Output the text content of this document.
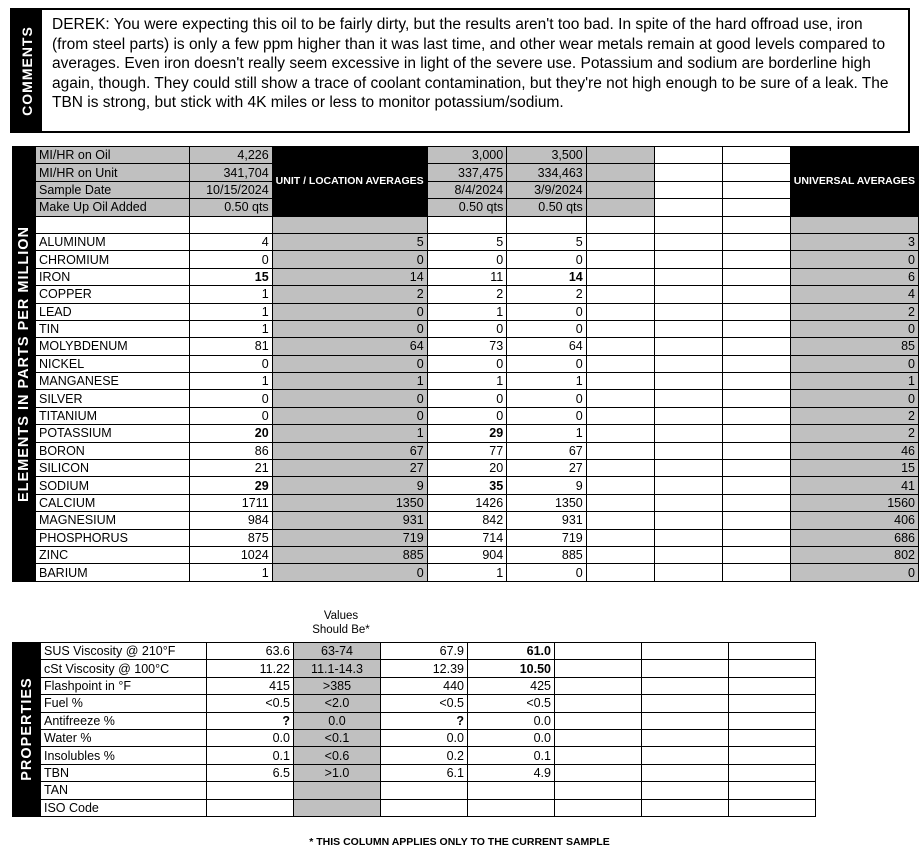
COMMENTS
DEREK: You were expecting this oil to be fairly dirty, but the results aren't too bad. In spite of the hard offroad use, iron (from steel parts) is only a few ppm higher than it was last time, and other wear metals remain at good levels compared to averages. Even iron doesn't really seem excessive in light of the severe use. Potassium and sodium are borderline high again, though. They could still show a trace of coolant contamination, but they're not high enough to be sure of a leak. The TBN is strong, but stick with 4K miles or less to monitor potassium/sodium.
ELEMENTS IN PARTS PER MILLION	MI/HR on Oil	4,226	UNIT / LOCATION AVERAGES	3,000	3,500				UNIVERSAL AVERAGES
	MI/HR on Unit	341,704		337,475	334,463				
	Sample Date	10/15/2024		8/4/2024	3/9/2024				
	Make Up Oil Added	0.50 qts		0.50 qts	0.50 qts				

	ALUMINUM	4	5	5	5				3
	CHROMIUM	0	0	0	0				0
	IRON	15	14	11	14				6
	COPPER	1	2	2	2				4
	LEAD	1	0	1	0				2
	TIN	1	0	0	0				0
	MOLYBDENUM	81	64	73	64				85
	NICKEL	0	0	0	0				0
	MANGANESE	1	1	1	1				1
	SILVER	0	0	0	0				0
	TITANIUM	0	0	0	0				2
	POTASSIUM	20	1	29	1				2
	BORON	86	67	77	67				46
	SILICON	21	27	20	27				15
	SODIUM	29	9	35	9				41
	CALCIUM	1711	1350	1426	1350				1560
	MAGNESIUM	984	931	842	931				406
	PHOSPHORUS	875	719	714	719				686
	ZINC	1024	885	904	885				802
	BARIUM	1	0	1	0				0
Values Should Be*
PROPERTIES	SUS Viscosity @ 210°F	63.6	63-74	67.9	61.0			
	cSt Viscosity @ 100°C	11.22	11.1-14.3	12.39	10.50			
	Flashpoint in °F	415	>385	440	425			
	Fuel %	<0.5	<2.0	<0.5	<0.5			
	Antifreeze %	?	0.0	?	0.0			
	Water %	0.0	<0.1	0.0	0.0			
	Insolubles %	0.1	<0.6	0.2	0.1			
	TBN	6.5	>1.0	6.1	4.9			
	TAN							
	ISO Code							
* THIS COLUMN APPLIES ONLY TO THE CURRENT SAMPLE
